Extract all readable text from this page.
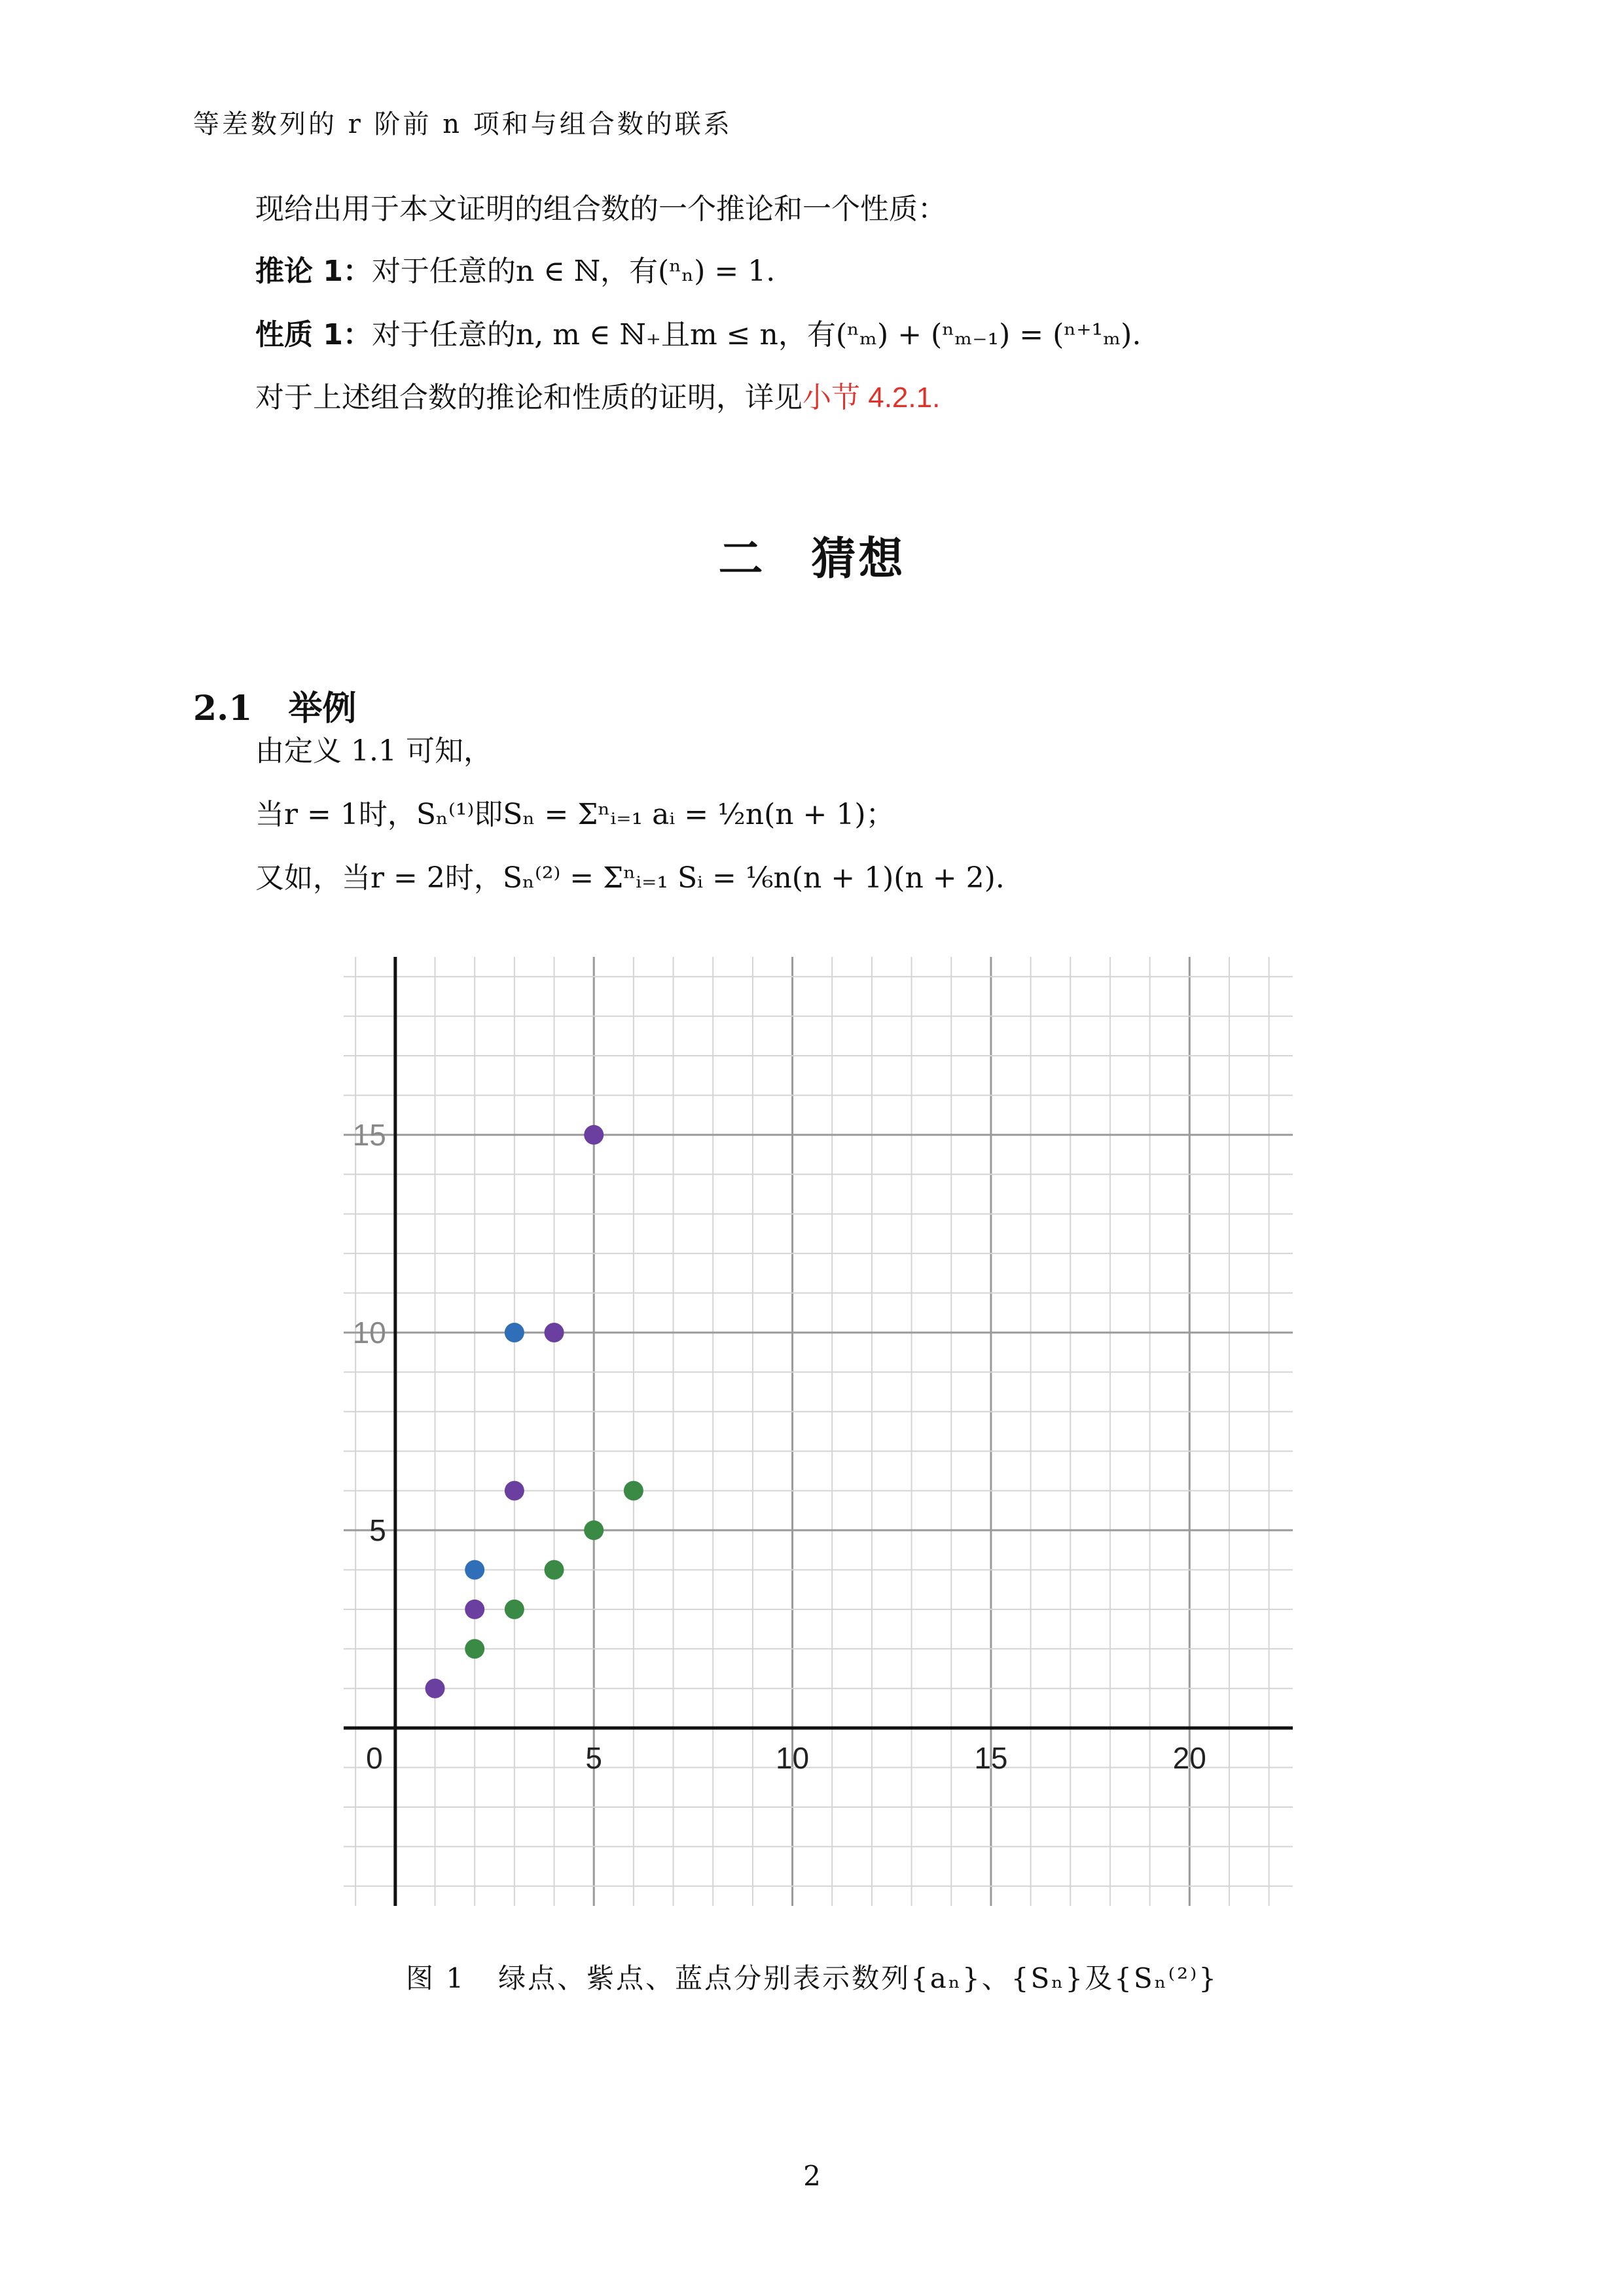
等差数列的 r 阶前 n 项和与组合数的联系
现给出用于本文证明的组合数的一个推论和一个性质：
推论 1：对于任意的n ∈ ℕ，有(ⁿₙ) = 1.
性质 1：对于任意的n, m ∈ ℕ₊且m ≤ n，有(ⁿₘ) + (ⁿₘ₋₁) = (ⁿ⁺¹ₘ).
对于上述组合数的推论和性质的证明，详见小节 4.2.1.
二 猜想
2.1 举例
由定义 1.1 可知，
当r = 1时，Sₙ⁽¹⁾即Sₙ = Σⁿᵢ₌₁ aᵢ = ½n(n + 1)；
又如，当r = 2时，Sₙ⁽²⁾ = Σⁿᵢ₌₁ Sᵢ = ⅙n(n + 1)(n + 2).
0	5	10	15	20
5
10
15
图 1 绿点、紫点、蓝点分别表示数列{aₙ}、{Sₙ}及{Sₙ⁽²⁾}
2
